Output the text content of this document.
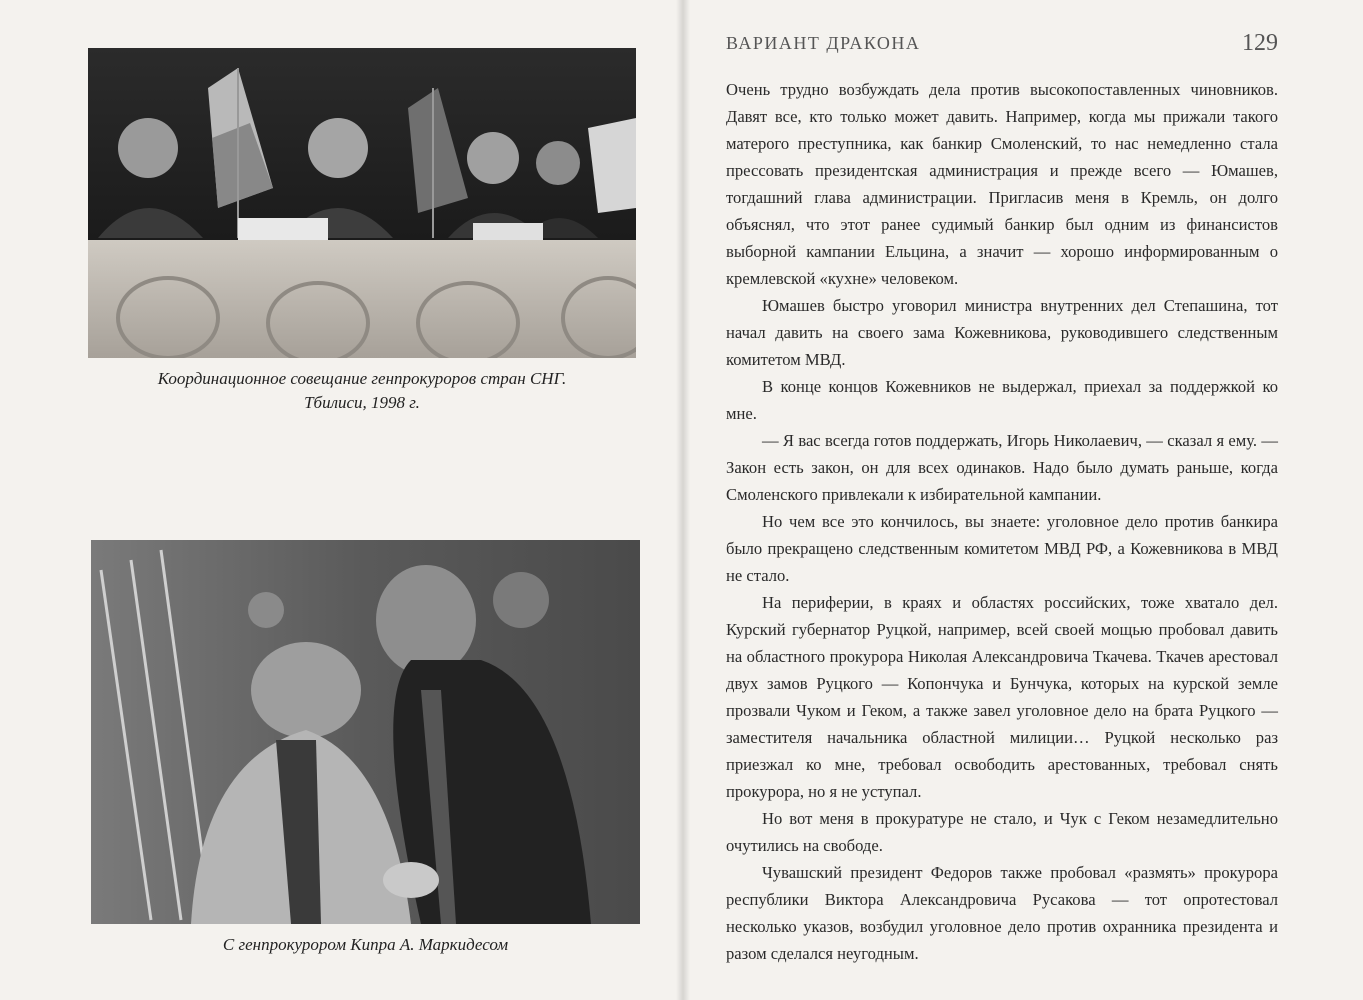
Координационное совещание генпрокуроров стран СНГ.
Тбилиси, 1998 г.
С генпрокурором Кипра А. Маркидесом
ВАРИАНТ ДРАКОНА	129

Очень трудно возбуждать дела против высокопоставленных чиновников. Давят все, кто только может давить. Например, когда мы прижали такого матерого преступника, как банкир Смоленский, то нас немедленно стала прессовать президентская администрация и прежде всего — Юмашев, тогдашний глава администрации. Пригласив меня в Кремль, он долго объяснял, что этот ранее судимый банкир был одним из финансистов выборной кампании Ельцина, а значит — хорошо информированным о кремлевской «кухне» человеком.

Юмашев быстро уговорил министра внутренних дел Степашина, тот начал давить на своего зама Кожевникова, руководившего следственным комитетом МВД.

В конце концов Кожевников не выдержал, приехал за поддержкой ко мне.

— Я вас всегда готов поддержать, Игорь Николаевич, — сказал я ему. — Закон есть закон, он для всех одинаков. Надо было думать раньше, когда Смоленского привлекали к избирательной кампании.

Но чем все это кончилось, вы знаете: уголовное дело против банкира было прекращено следственным комитетом МВД РФ, а Кожевникова в МВД не стало.

На периферии, в краях и областях российских, тоже хватало дел. Курский губернатор Руцкой, например, всей своей мощью пробовал давить на областного прокурора Николая Александровича Ткачева. Ткачев арестовал двух замов Руцкого — Копончука и Бунчука, которых на курской земле прозвали Чуком и Геком, а также завел уголовное дело на брата Руцкого — заместителя начальника областной милиции… Руцкой несколько раз приезжал ко мне, требовал освободить арестованных, требовал снять прокурора, но я не уступал.

Но вот меня в прокуратуре не стало, и Чук с Геком незамедлительно очутились на свободе.

Чувашский президент Федоров также пробовал «размять» прокурора республики Виктора Александровича Русакова — тот опротестовал несколько указов, возбудил уголовное дело против охранника президента и разом сделался неугодным.
